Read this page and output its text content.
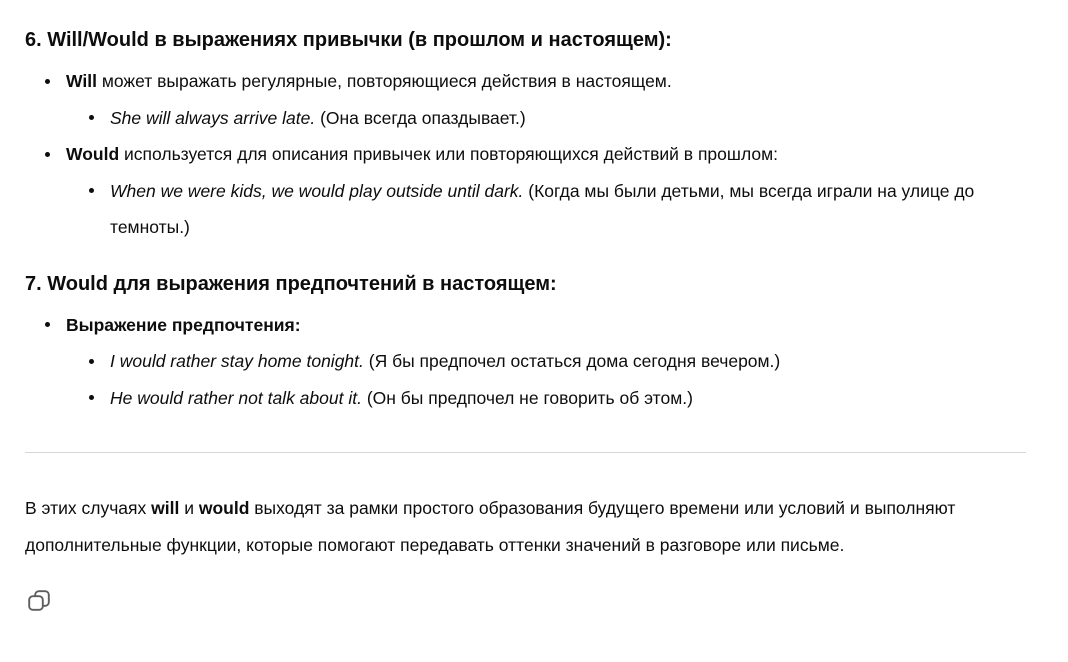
6. Will/Would в выражениях привычки (в прошлом и настоящем):
Will может выражать регулярные, повторяющиеся действия в настоящем.
She will always arrive late. (Она всегда опаздывает.)
Would используется для описания привычек или повторяющихся действий в прошлом:
When we were kids, we would play outside until dark. (Когда мы были детьми, мы всегда играли на улице до темноты.)
7. Would для выражения предпочтений в настоящем:
Выражение предпочтения:
I would rather stay home tonight. (Я бы предпочел остаться дома сегодня вечером.)
He would rather not talk about it. (Он бы предпочел не говорить об этом.)

В этих случаях will и would выходят за рамки простого образования будущего времени или условий и выполняют дополнительные функции, которые помогают передавать оттенки значений в разговоре или письме.
